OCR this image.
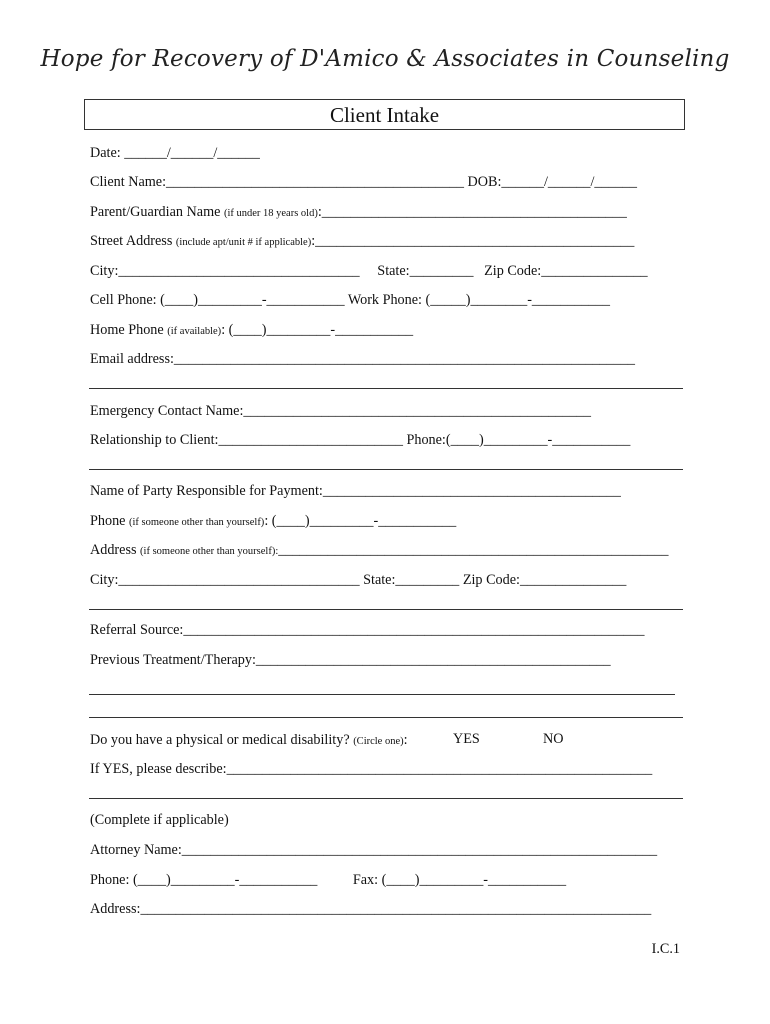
Hope for Recovery of D'Amico & Associates in Counseling
Client Intake
Date: ______/______/______
Client Name:__________________________________________ DOB:______/______/______
Parent/Guardian Name (if under 18 years old):___________________________________________
Street Address (include apt/unit # if applicable):_____________________________________________
City:__________________________________     State:_________   Zip Code:_______________
Cell Phone: (____)_________-___________ Work Phone: (_____)________-___________
Home Phone (if available): (____)_________-___________
Email address:_________________________________________________________________
Emergency Contact Name:_________________________________________________
Relationship to Client:__________________________ Phone:(____)_________-___________
Name of Party Responsible for Payment:__________________________________________
Phone (if someone other than yourself): (____)_________-___________
Address (if someone other than yourself):_______________________________________________________
City:__________________________________ State:_________ Zip Code:_______________
Referral Source:_________________________________________________________________
Previous Treatment/Therapy:__________________________________________________
Do you have a physical or medical disability? (Circle one):	YES	NO
If YES, please describe:____________________________________________________________
(Complete if applicable)
Attorney Name:___________________________________________________________________
Phone: (____)_________-___________          Fax: (____)_________-___________
Address:________________________________________________________________________
I.C.1
